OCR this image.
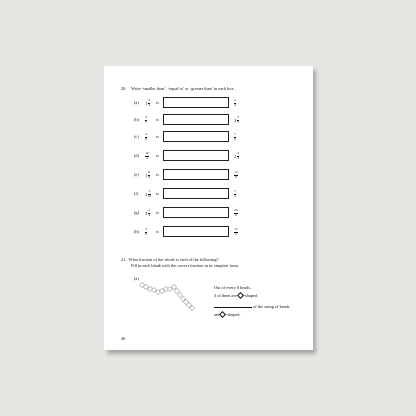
20. Write ‘smaller than’, ‘equal to’ or ‘greater than’ in each box.
(a) $1 \frac{3}{4}$ is	$\frac{5}{4}$
$(b) \frac{4}{5}$ is	$3 \frac{2}{5}$
$(c) \frac{4}{8}$ is	$\frac{7}{8}$
$(d) \frac{10}{4}$ is	$2 \frac{3}{4}$
(e) $1 \frac{6}{8}$ is	$\frac{13}{8}$
(f) $2 \frac{5}{10}$ is	$\frac{7}{2}$
(g) $3 \frac{2}{3}$ is	$\frac{20}{6}$
$(h) \frac{3}{4}$ is	$\frac{12}{4}$
21. What fraction of the whole is each of the following?
Fill in each blank with the correct fraction in its simplest form.
(a)
Out of every 6 beads,
3 of them are -shaped.
of the string of beads
are -shaped.
40
